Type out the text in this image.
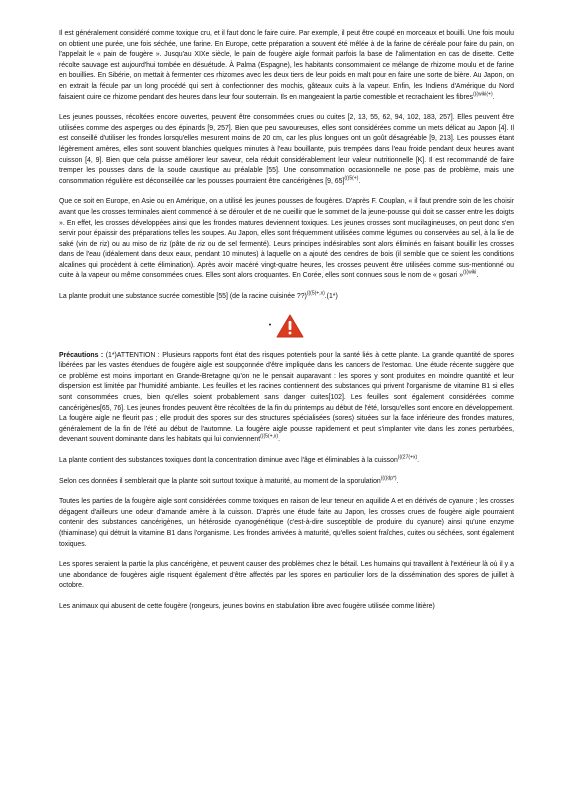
Il est généralement considéré comme toxique cru, et il faut donc le faire cuire. Par exemple, il peut être coupé en morceaux et bouilli. Une fois moulu on obtient une purée, une fois séchée, une farine. En Europe, cette préparation a souvent été mêlée à de la farine de céréale pour faire du pain, on l'appelait le « pain de fougère ». Jusqu'au XIXe siècle, le pain de fougère aigle formait parfois la base de l'alimentation en cas de disette. Cette récolte sauvage est aujourd'hui tombée en désuétude. À Palma (Espagne), les habitants consommaient ce mélange de rhizome moulu et de farine en bouillies. En Sibérie, on mettait à fermenter ces rhizomes avec les deux tiers de leur poids en malt pour en faire une sorte de bière. Au Japon, on en extrait la fécule par un long procédé qui sert à confectionner des mochis, gâteaux cuits à la vapeur. Enfin, les Indiens d'Amérique du Nord faisaient cuire ce rhizome pendant des heures dans leur four souterrain. Ils en mangeaient la partie comestible et recrachaient les fibres$^{(((wiki(+)}$.

Les jeunes pousses, récoltées encore ouvertes, peuvent être consommées crues ou cuites [2, 13, 55, 62, 94, 102, 183, 257]. Elles peuvent être utilisées comme des asperges ou des épinards [9, 257]. Bien que peu savoureuses, elles sont considérées comme un mets délicat au Japon [4]. Il est conseillé d'utiliser les frondes lorsqu'elles mesurent moins de 20 cm, car les plus longues ont un goût désagréable [9, 213]. Les pousses étant légèrement amères, elles sont souvent blanchies quelques minutes à l'eau bouillante, puis trempées dans l'eau froide pendant deux heures avant cuisson [4, 9]. Bien que cela puisse améliorer leur saveur, cela réduit considérablement leur valeur nutritionnelle [K]. Il est recommandé de faire tremper les pousses dans de la soude caustique au préalable [55]. Une consommation occasionnelle ne pose pas de problème, mais une consommation régulière est déconseillée car les pousses pourraient être cancérigènes [9, 65]$^{(((5(+)}$.

Que ce soit en Europe, en Asie ou en Amérique, on a utilisé les jeunes pousses de fougères. D'après F. Couplan, « il faut prendre soin de les choisir avant que les crosses terminales aient commencé à se dérouler et de ne cueillir que le sommet de la jeune-pousse qui doit se casser entre les doigts ». En effet, les crosses développées ainsi que les frondes matures deviennent toxiques. Les jeunes crosses sont mucilagineuses, on peut donc s'en servir pour épaissir des préparations telles les soupes. Au Japon, elles sont fréquemment utilisées comme légumes ou conservées au sel, à la lie de saké (vin de riz) ou au miso de riz (pâte de riz ou de sel fermenté). Leurs principes indésirables sont alors éliminés en faisant bouillir les crosses dans de l'eau (idéalement dans deux eaux, pendant 10 minutes) à laquelle on a ajouté des cendres de bois (il semble que ce soient les conditions alcalines qui procèdent à cette élimination). Après avoir macéré vingt-quatre heures, les crosses peuvent être utilisées comme sus-mentionné ou cuite à la vapeur ou même consommées crues. Elles sont alors croquantes. En Corée, elles sont connues sous le nom de « gosari »$^{(((wiki}$.

La plante produit une substance sucrée comestible [55] (de la racine cuisinée ??)$^{(((5(+,x)}$.(1*)

•

Précautions : (1*)ATTENTION : Plusieurs rapports font état des risques potentiels pour la santé liés à cette plante. La grande quantité de spores libérées par les vastes étendues de fougère aigle est soupçonnée d'être impliquée dans les cancers de l'estomac. Une étude récente suggère que ce problème est moins important en Grande-Bretagne qu'on ne le pensait auparavant : les spores y sont produites en moindre quantité et leur dispersion est limitée par l'humidité ambiante. Les feuilles et les racines contiennent des substances qui privent l'organisme de vitamine B1 si elles sont consommées crues, bien qu'elles soient probablement sans danger cuites[102]. Les feuilles sont également considérées comme cancérigènes[65, 76]. Les jeunes frondes peuvent être récoltées de la fin du printemps au début de l'été, lorsqu'elles sont encore en développement. La fougère aigle ne fleurit pas ; elle produit des spores sur des structures spécialisées (sores) situées sur la face inférieure des frondes matures, généralement de la fin de l'été au début de l'automne. La fougère aigle pousse rapidement et peut s'implanter vite dans les zones perturbées, devenant souvent dominante dans les habitats qui lui conviennent$^{(((5(+,x)}$.

La plante contient des substances toxiques dont la concentration diminue avec l'âge et éliminables à la cuisson$^{(((27(+x)}$.

Selon ces données il semblerait que la plante soit surtout toxique à maturité, au moment de la sporulation$^{((((dp*)}$.

Toutes les parties de la fougère aigle sont considérées comme toxiques en raison de leur teneur en aquilide A et en dérivés de cyanure ; les crosses dégagent d'ailleurs une odeur d'amande amère à la cuisson. D'après une étude faite au Japon, les crosses crues de fougère aigle pourraient contenir des substances cancérigènes, un hétéroside cyanogénétique (c'est-à-dire susceptible de produire du cyanure) ainsi qu'une enzyme (thiaminase) qui détruit la vitamine B1 dans l'organisme. Les frondes arrivées à maturité, qu'elles soient fraîches, cuites ou séchées, sont également toxiques.

Les spores seraient la partie la plus cancérigène, et peuvent causer des problèmes chez le bétail. Les humains qui travaillent à l'extérieur là où il y a une abondance de fougères aigle risquent également d'être affectés par les spores en particulier lors de la dissémination des spores de juillet à octobre.

Les animaux qui abusent de cette fougère (rongeurs, jeunes bovins en stabulation libre avec fougère utilisée comme litière)
